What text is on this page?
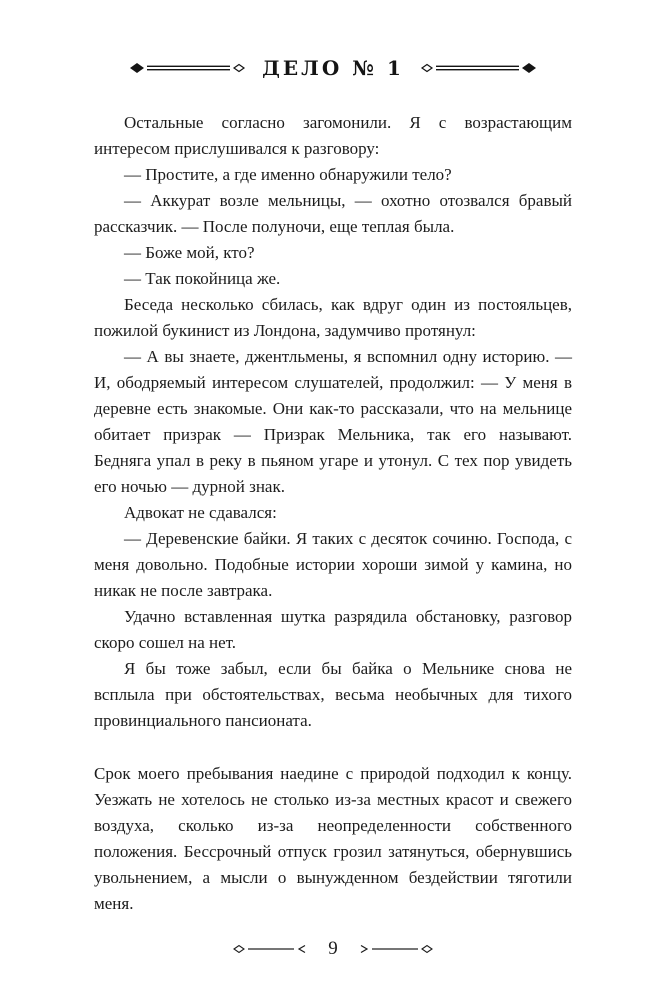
ДЕЛО № 1

Остальные согласно загомонили. Я с возрастающим интересом прислушивался к разговору:

— Простите, а где именно обнаружили тело?

— Аккурат возле мельницы, — охотно отозвался бравый рассказчик. — После полуночи, еще теплая была.

— Боже мой, кто?

— Так покойница же.

Беседа несколько сбилась, как вдруг один из постояльцев, пожилой букинист из Лондона, задумчиво протянул:

— А вы знаете, джентльмены, я вспомнил одну историю. — И, ободряемый интересом слушателей, продолжил: — У меня в деревне есть знакомые. Они как-то рассказали, что на мельнице обитает призрак — Призрак Мельника, так его называют. Бедняга упал в реку в пьяном угаре и утонул. С тех пор увидеть его ночью — дурной знак.

Адвокат не сдавался:

— Деревенские байки. Я таких с десяток сочиню. Господа, с меня довольно. Подобные истории хороши зимой у камина, но никак не после завтрака.

Удачно вставленная шутка разрядила обстановку, разговор скоро сошел на нет.

Я бы тоже забыл, если бы байка о Мельнике снова не всплыла при обстоятельствах, весьма необычных для тихого провинциального пансионата.

Срок моего пребывания наедине с природой подходил к концу. Уезжать не хотелось не столько из-за местных красот и свежего воздуха, сколько из-за неопределенности собственного положения. Бессрочный отпуск грозил затянуться, обернувшись увольнением, а мысли о вынужденном бездействии тяготили меня.

9
